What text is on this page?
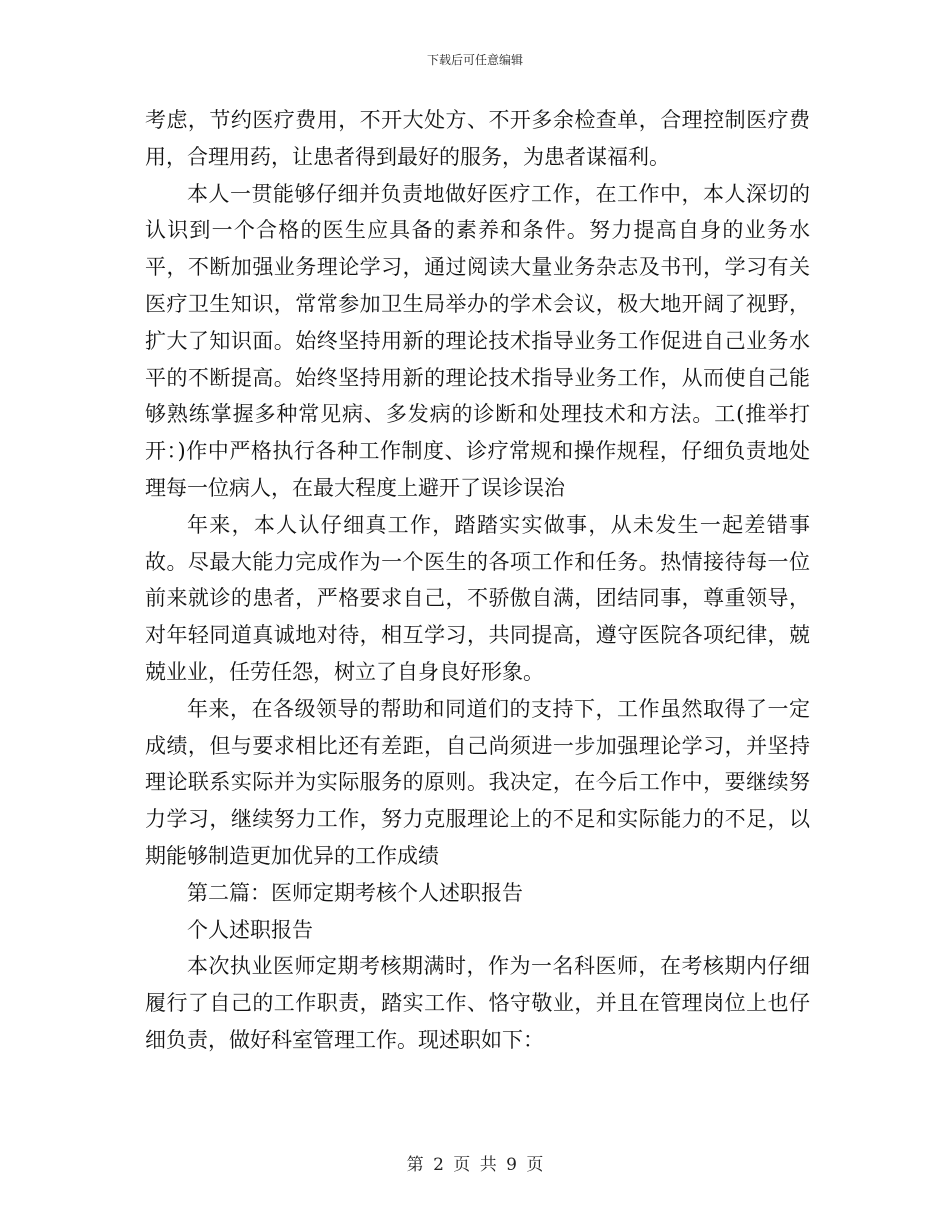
下载后可任意编辑

考虑，节约医疗费用，不开大处方、不开多余检查单，合理控制医疗费用，合理用药，让患者得到最好的服务，为患者谋福利。

本人一贯能够仔细并负责地做好医疗工作，在工作中，本人深切的认识到一个合格的医生应具备的素养和条件。努力提高自身的业务水平，不断加强业务理论学习，通过阅读大量业务杂志及书刊，学习有关医疗卫生知识，常常参加卫生局举办的学术会议，极大地开阔了视野，扩大了知识面。始终坚持用新的理论技术指导业务工作促进自己业务水平的不断提高。始终坚持用新的理论技术指导业务工作，从而使自己能够熟练掌握多种常见病、多发病的诊断和处理技术和方法。工(推举打开：)作中严格执行各种工作制度、诊疗常规和操作规程，仔细负责地处理每一位病人，在最大程度上避开了误诊误治

年来，本人认仔细真工作，踏踏实实做事，从未发生一起差错事故。尽最大能力完成作为一个医生的各项工作和任务。热情接待每一位前来就诊的患者，严格要求自己，不骄傲自满，团结同事，尊重领导，对年轻同道真诚地对待，相互学习，共同提高，遵守医院各项纪律，兢兢业业，任劳任怨，树立了自身良好形象。

年来，在各级领导的帮助和同道们的支持下，工作虽然取得了一定成绩，但与要求相比还有差距，自己尚须进一步加强理论学习，并坚持理论联系实际并为实际服务的原则。我决定，在今后工作中，要继续努力学习，继续努力工作，努力克服理论上的不足和实际能力的不足，以期能够制造更加优异的工作成绩

第二篇：医师定期考核个人述职报告

个人述职报告

本次执业医师定期考核期满时，作为一名科医师，在考核期内仔细履行了自己的工作职责，踏实工作、恪守敬业，并且在管理岗位上也仔细负责，做好科室管理工作。现述职如下：

第 2 页 共 9 页
